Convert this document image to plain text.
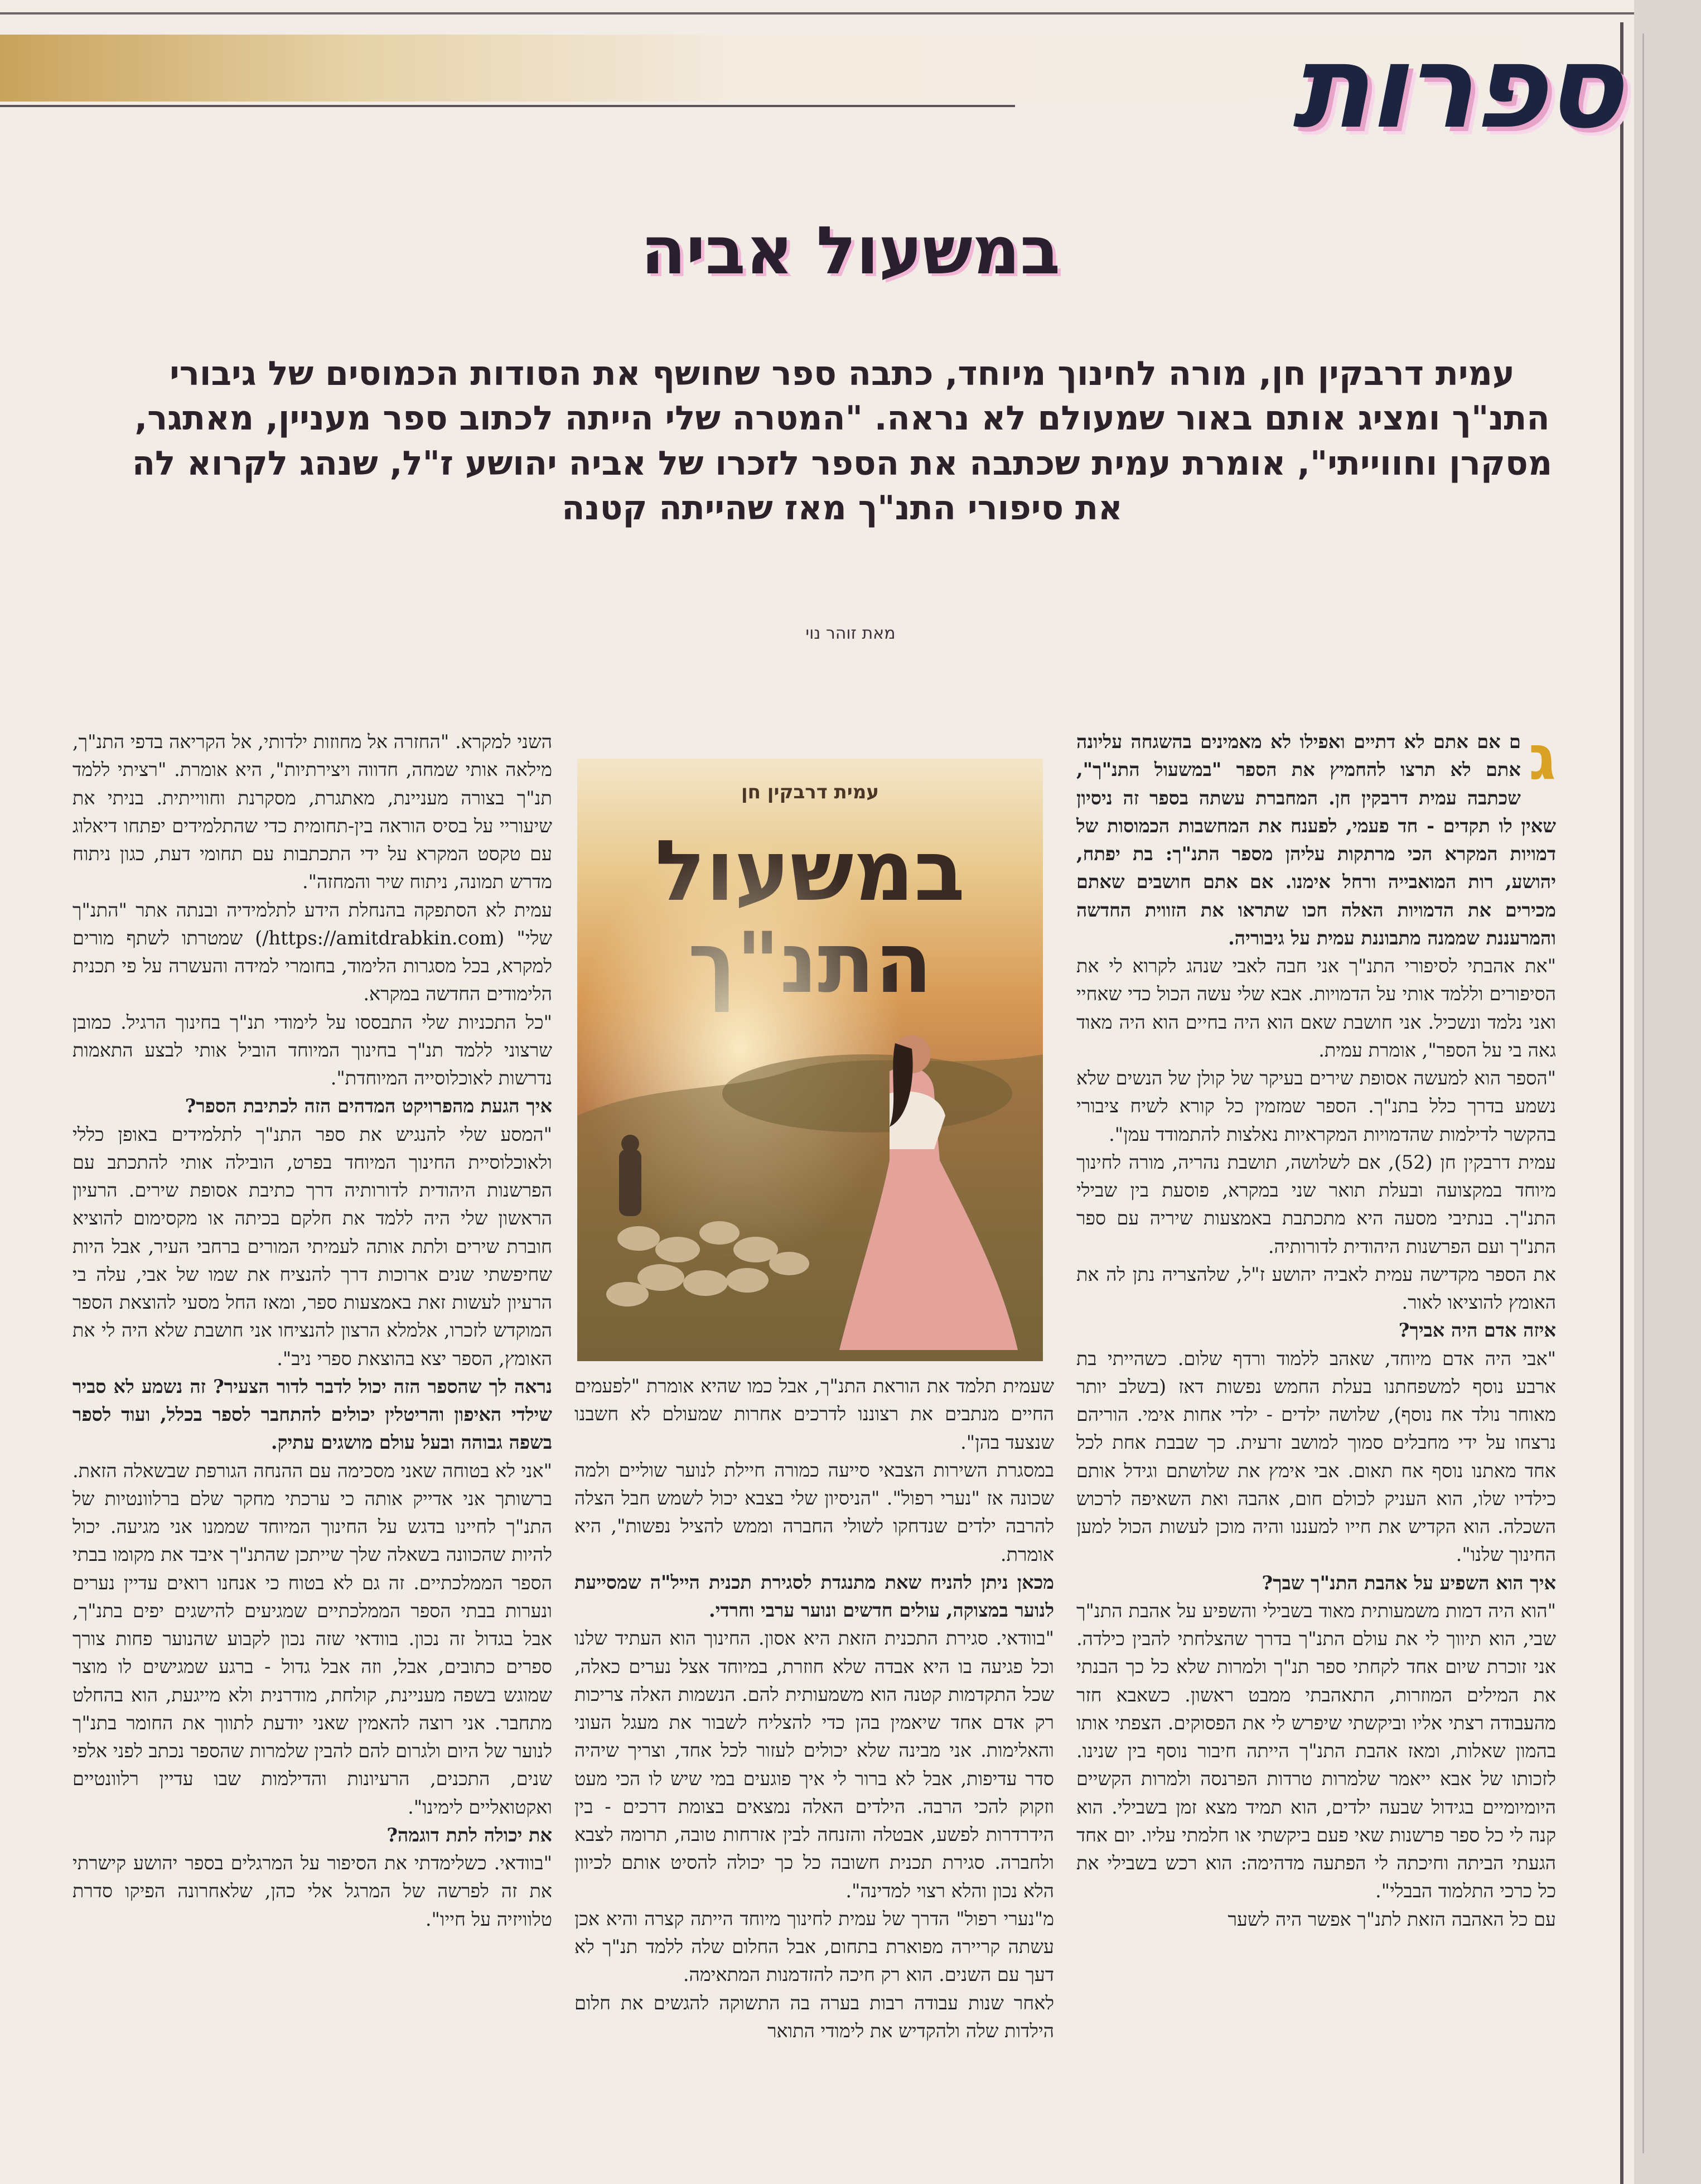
ספרות
במשעול אביה
עמית דרבקין חן, מורה לחינוך מיוחד, כתבה ספר שחושף את הסודות הכמוסים של גיבורי התנ"ך ומציג אותם באור שמעולם לא נראה. "המטרה שלי הייתה לכתוב ספר מעניין, מאתגר, מסקרן וחווייתי", אומרת עמית שכתבה את הספר לזכרו של אביה יהושע ז"ל, שנהג לקרוא לה את סיפורי התנ"ך מאז שהייתה קטנה
מאת זוהר נוי

ג
ם אם אתם לא דתיים ואפילו לא מאמינים בהשגחה עליונה אתם לא תרצו להחמיץ את הספר "במשעול התנ"ך", שכתבה עמית דרבקין חן. המחברת עשתה בספר זה ניסיון שאין לו תקדים - חד פעמי, לפענח את המחשבות הכמוסות של דמויות המקרא הכי מרתקות עליהן מספר התנ"ך: בת יפתח, יהושע, רות המואבייה ורחל אימנו. אם אתם חושבים שאתם מכירים את הדמויות האלה חכו שתראו את הזווית החדשה והמרעננת שממנה מתבוננת עמית על גיבוריה.

"את אהבתי לסיפורי התנ"ך אני חבה לאבי שנהג לקרוא לי את הסיפורים וללמד אותי על הדמויות. אבא שלי עשה הכול כדי שאחיי ואני נלמד ונשכיל. אני חושבת שאם הוא היה בחיים הוא היה מאוד גאה בי על הספר", אומרת עמית.

"הספר הוא למעשה אסופת שירים בעיקר של קולן של הנשים שלא נשמע בדרך כלל בתנ"ך. הספר שמזמין כל קורא לשיח ציבורי בהקשר לדילמות שהדמויות המקראיות נאלצות להתמודד עמן".

עמית דרבקין חן (52), אם לשלושה, תושבת נהריה, מורה לחינוך מיוחד במקצועה ובעלת תואר שני במקרא, פוסעת בין שבילי התנ"ך. בנתיבי מסעה היא מתכתבת באמצעות שיריה עם ספר התנ"ך ועם הפרשנות היהודית לדורותיה.

את הספר מקדישה עמית לאביה יהושע ז"ל, שלהצריה נתן לה את האומץ להוציאו לאור.

איזה אדם היה אביך?

"אבי היה אדם מיוחד, שאהב ללמוד ורדף שלום. כשהייתי בת ארבע נוסף למשפחתנו בעלת החמש נפשות דאז (בשלב יותר מאוחר נולד אח נוסף), שלושה ילדים - ילדי אחות אימי. הוריהם נרצחו על ידי מחבלים סמוך למושב זרעית. כך שבבת אחת לכל אחד מאתנו נוסף אח תאום. אבי אימץ את שלושתם וגידל אותם כילדיו שלו, הוא העניק לכולם חום, אהבה ואת השאיפה לרכוש השכלה. הוא הקדיש את חייו למעננו והיה מוכן לעשות הכול למען החינוך שלנו".

איך הוא השפיע על אהבת התנ"ך שבך?

"הוא היה דמות משמעותית מאוד בשבילי והשפיע על אהבת התנ"ך שבי, הוא תיווך לי את עולם התנ"ך בדרך שהצלחתי להבין כילדה. אני זוכרת שיום אחד לקחתי ספר תנ"ך ולמרות שלא כל כך הבנתי את המילים המוזרות, התאהבתי ממבט ראשון. כשאבא חזר מהעבודה רצתי אליו וביקשתי שיפרש לי את הפסוקים. הצפתי אותו בהמון שאלות, ומאז אהבת התנ"ך הייתה חיבור נוסף בין שנינו. לזכותו של אבא ייאמר שלמרות טרדות הפרנסה ולמרות הקשיים היומיומיים בגידול שבעה ילדים, הוא תמיד מצא זמן בשבילי. הוא קנה לי כל ספר פרשנות שאי פעם ביקשתי או חלמתי עליו. יום אחד הגעתי הביתה וחיכתה לי הפתעה מדהימה: הוא רכש בשבילי את כל כרכי התלמוד הבבלי".

עם כל האהבה הזאת לתנ"ך אפשר היה לשער

שעמית תלמד את הוראת התנ"ך, אבל כמו שהיא אומרת "לפעמים החיים מנתבים את רצוננו לדרכים אחרות שמעולם לא חשבנו שנצעד בהן".

במסגרת השירות הצבאי סייעה כמורה חיילת לנוער שוליים ולמה שכונה אז "נערי רפול". "הניסיון שלי בצבא יכול לשמש חבל הצלה להרבה ילדים שנדחקו לשולי החברה וממש להציל נפשות", היא אומרת.

מכאן ניתן להניח שאת מתנגדת לסגירת תכנית הייל"ה שמסייעת לנוער במצוקה, עולים חדשים ונוער ערבי וחרדי.

"בוודאי. סגירת התכנית הזאת היא אסון. החינוך הוא העתיד שלנו וכל פגיעה בו היא אבדה שלא חוזרת, במיוחד אצל נערים כאלה, שכל התקדמות קטנה הוא משמעותית להם. הנשמות האלה צריכות רק אדם אחד שיאמין בהן כדי להצליח לשבור את מעגל העוני והאלימות. אני מבינה שלא יכולים לעזור לכל אחד, וצריך שיהיה סדר עדיפות, אבל לא ברור לי איך פוגעים במי שיש לו הכי מעט וזקוק להכי הרבה. הילדים האלה נמצאים בצומת דרכים - בין הידרדרות לפשע, אבטלה והזנחה לבין אזרחות טובה, תרומה לצבא ולחברה. סגירת תכנית חשובה כל כך יכולה להסיט אותם לכיוון הלא נכון והלא רצוי למדינה".

מ"נערי רפול" הדרך של עמית לחינוך מיוחד הייתה קצרה והיא אכן עשתה קריירה מפוארת בתחום, אבל החלום שלה ללמד תנ"ך לא דעך עם השנים. הוא רק חיכה להזדמנות המתאימה.

לאחר שנות עבודה רבות בערה בה התשוקה להגשים את חלום הילדות שלה ולהקדיש את לימודי התואר

השני למקרא. "החזרה אל מחוזות ילדותי, אל הקריאה בדפי התנ"ך, מילאה אותי שמחה, חדווה ויצירתיות", היא אומרת. "רציתי ללמד תנ"ך בצורה מעניינת, מאתגרת, מסקרנת וחווייתית. בניתי את שיעוריי על בסיס הוראה בין-תחומית כדי שהתלמידים יפתחו דיאלוג עם טקסט המקרא על ידי התכתבות עם תחומי דעת, כגון ניתוח מדרש תמונה, ניתוח שיר והמחזה".

עמית לא הסתפקה בהנחלת הידע לתלמידיה ובנתה אתר "התנ"ך שלי" (https://amitdrabkin.com/) שמטרתו לשתף מורים למקרא, בכל מסגרות הלימוד, בחומרי למידה והעשרה על פי תכנית הלימודים החדשה במקרא.

"כל התכניות שלי התבססו על לימודי תנ"ך בחינוך הרגיל. כמובן שרצוני ללמד תנ"ך בחינוך המיוחד הוביל אותי לבצע התאמות נדרשות לאוכלוסייה המיוחדת".

איך הגעת מהפרויקט המדהים הזה לכתיבת הספר?

"המסע שלי להנגיש את ספר התנ"ך לתלמידים באופן כללי ולאוכלוסיית החינוך המיוחד בפרט, הובילה אותי להתכתב עם הפרשנות היהודית לדורותיה דרך כתיבת אסופת שירים. הרעיון הראשון שלי היה ללמד את חלקם בכיתה או מקסימום להוציא חוברת שירים ולתת אותה לעמיתי המורים ברחבי העיר, אבל היות שחיפשתי שנים ארוכות דרך להנציח את שמו של אבי, עלה בי הרעיון לעשות זאת באמצעות ספר, ומאז החל מסעי להוצאת הספר המוקדש לזכרו, אלמלא הרצון להנציחו אני חושבת שלא היה לי את האומץ, הספר יצא בהוצאת ספרי ניב".

נראה לך שהספר הזה יכול לדבר לדור הצעיר? זה נשמע לא סביר שילדי האיפון והריטלין יכולים להתחבר לספר בכלל, ועוד לספר בשפה גבוהה ובעל עולם מושגים עתיק.

"אני לא בטוחה שאני מסכימה עם ההנחה הגורפת שבשאלה הזאת. ברשותך אני אדייק אותה כי ערכתי מחקר שלם ברלוונטיות של התנ"ך לחיינו בדגש על החינוך המיוחד שממנו אני מגיעה. יכול להיות שהכוונה בשאלה שלך שייתכן שהתנ"ך איבד את מקומו בבתי הספר הממלכתיים. זה גם לא בטוח כי אנחנו רואים עדיין נערים ונערות בבתי הספר הממלכתיים שמגיעים להישגים יפים בתנ"ך, אבל בגדול זה נכון. בוודאי שזה נכון לקבוע שהנוער פחות צורך ספרים כתובים, אבל, וזה אבל גדול - ברגע שמגישים לו מוצר שמוגש בשפה מעניינת, קולחת, מודרנית ולא מייגעת, הוא בהחלט מתחבר. אני רוצה להאמין שאני יודעת לתווך את החומר בתנ"ך לנוער של היום ולגרום להם להבין שלמרות שהספר נכתב לפני אלפי שנים, התכנים, הרעיונות והדילמות שבו עדיין רלוונטיים ואקטואליים לימינו".

את יכולה לתת דוגמה?

"בוודאי. כשלימדתי את הסיפור על המרגלים בספר יהושע קישרתי את זה לפרשה של המרגל אלי כהן, שלאחרונה הפיקו סדרת טלוויזיה על חייו".
